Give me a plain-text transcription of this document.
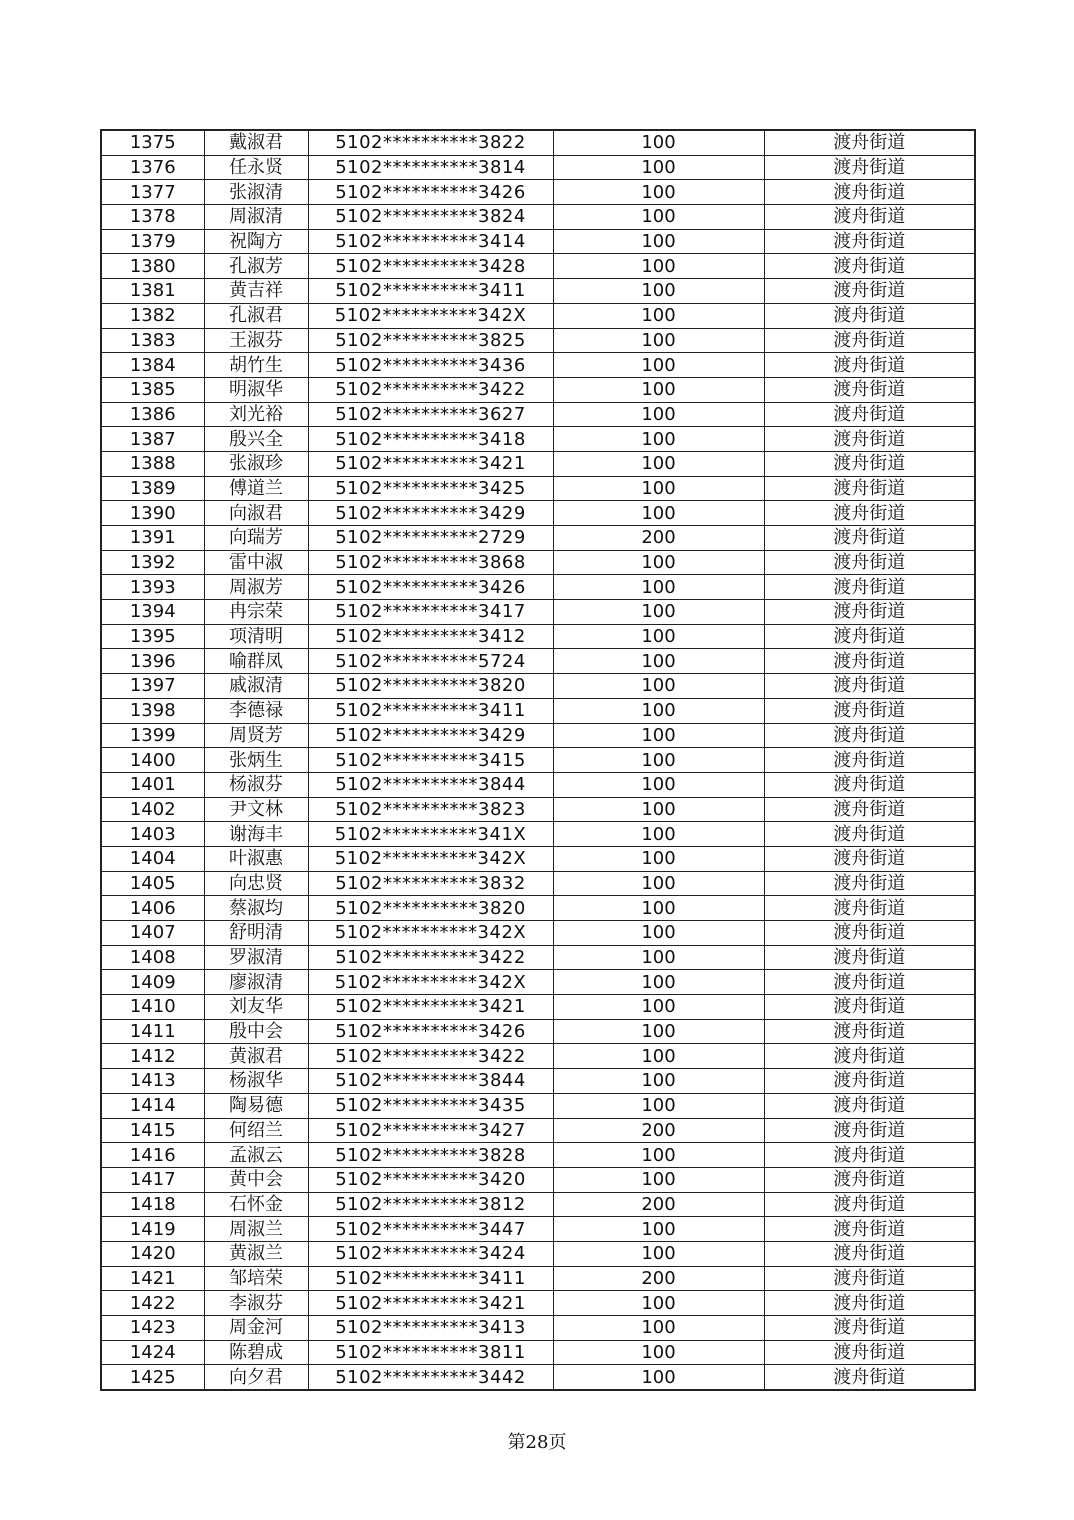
1375	戴淑君	5102**********3822	100	渡舟街道
1376	任永贤	5102**********3814	100	渡舟街道
1377	张淑清	5102**********3426	100	渡舟街道
1378	周淑清	5102**********3824	100	渡舟街道
1379	祝陶方	5102**********3414	100	渡舟街道
1380	孔淑芳	5102**********3428	100	渡舟街道
1381	黄吉祥	5102**********3411	100	渡舟街道
1382	孔淑君	5102**********342X	100	渡舟街道
1383	王淑芬	5102**********3825	100	渡舟街道
1384	胡竹生	5102**********3436	100	渡舟街道
1385	明淑华	5102**********3422	100	渡舟街道
1386	刘光裕	5102**********3627	100	渡舟街道
1387	殷兴全	5102**********3418	100	渡舟街道
1388	张淑珍	5102**********3421	100	渡舟街道
1389	傅道兰	5102**********3425	100	渡舟街道
1390	向淑君	5102**********3429	100	渡舟街道
1391	向瑞芳	5102**********2729	200	渡舟街道
1392	雷中淑	5102**********3868	100	渡舟街道
1393	周淑芳	5102**********3426	100	渡舟街道
1394	冉宗荣	5102**********3417	100	渡舟街道
1395	项清明	5102**********3412	100	渡舟街道
1396	喻群凤	5102**********5724	100	渡舟街道
1397	戚淑清	5102**********3820	100	渡舟街道
1398	李德禄	5102**********3411	100	渡舟街道
1399	周贤芳	5102**********3429	100	渡舟街道
1400	张炳生	5102**********3415	100	渡舟街道
1401	杨淑芬	5102**********3844	100	渡舟街道
1402	尹文林	5102**********3823	100	渡舟街道
1403	谢海丰	5102**********341X	100	渡舟街道
1404	叶淑惠	5102**********342X	100	渡舟街道
1405	向忠贤	5102**********3832	100	渡舟街道
1406	蔡淑均	5102**********3820	100	渡舟街道
1407	舒明清	5102**********342X	100	渡舟街道
1408	罗淑清	5102**********3422	100	渡舟街道
1409	廖淑清	5102**********342X	100	渡舟街道
1410	刘友华	5102**********3421	100	渡舟街道
1411	殷中会	5102**********3426	100	渡舟街道
1412	黄淑君	5102**********3422	100	渡舟街道
1413	杨淑华	5102**********3844	100	渡舟街道
1414	陶易德	5102**********3435	100	渡舟街道
1415	何绍兰	5102**********3427	200	渡舟街道
1416	孟淑云	5102**********3828	100	渡舟街道
1417	黄中会	5102**********3420	100	渡舟街道
1418	石怀金	5102**********3812	200	渡舟街道
1419	周淑兰	5102**********3447	100	渡舟街道
1420	黄淑兰	5102**********3424	100	渡舟街道
1421	邹培荣	5102**********3411	200	渡舟街道
1422	李淑芬	5102**********3421	100	渡舟街道
1423	周金河	5102**********3413	100	渡舟街道
1424	陈碧成	5102**********3811	100	渡舟街道
1425	向夕君	5102**********3442	100	渡舟街道
第28页
